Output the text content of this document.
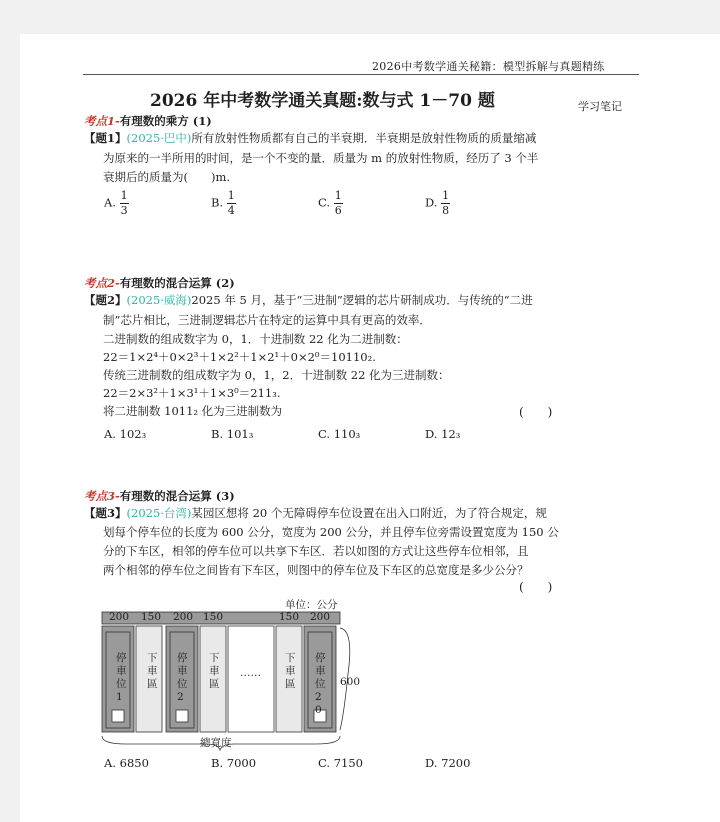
2026中考数学通关秘籍：模型拆解与真题精练
2026 年中考数学通关真题:数与式 1－70 题	学习笔记
考点1-有理数的乘方 (1)
【题1】(2025·巴中)所有放射性物质都有自己的半衰期．半衰期是放射性物质的质量缩减
为原来的一半所用的时间，是一个不变的量．质量为 m 的放射性物质，经历了 3 个半
衰期后的质量为(　　)m.
A. $\frac{1}{3}$	B. $\frac{1}{4}$	C. $\frac{1}{6}$	D. $\frac{1}{8}$
考点2-有理数的混合运算 (2)
【题2】(2025·威海)2025 年 5 月，基于“三进制”逻辑的芯片研制成功．与传统的“二进
制”芯片相比，三进制逻辑芯片在特定的运算中具有更高的效率．
二进制数的组成数字为 0，1．十进制数 22 化为二进制数：
22＝1×2⁴＋0×2³＋1×2²＋1×2¹＋0×2⁰＝10110₂.
传统三进制数的组成数字为 0，1，2．十进制数 22 化为三进制数：
22＝2×3²＋1×3¹＋1×3⁰＝211₃.
将二进制数 1011₂ 化为三进制数为	(　　)
A. 102₃	B. 101₃	C. 110₃	D. 12₃
考点3-有理数的混合运算 (3)
【题3】(2025·台湾)某园区想将 20 个无障碍停车位设置在出入口附近，为了符合规定，规
划每个停车位的长度为 600 公分，宽度为 200 公分，并且停车位旁需设置宽度为 150 公
分的下车区，相邻的停车位可以共享下车区．若以如图的方式让这些停车位相邻，且
两个相邻的停车位之间皆有下车区，则图中的停车位及下车区的总宽度是多少公分？
(　　)
单位：公分
200 150 200 150	150 200
600
總寬度
停車位1
下車區
停車位2
下車區
……
下車區
停車位20
A. 6850	B. 7000	C. 7150	D. 7200
